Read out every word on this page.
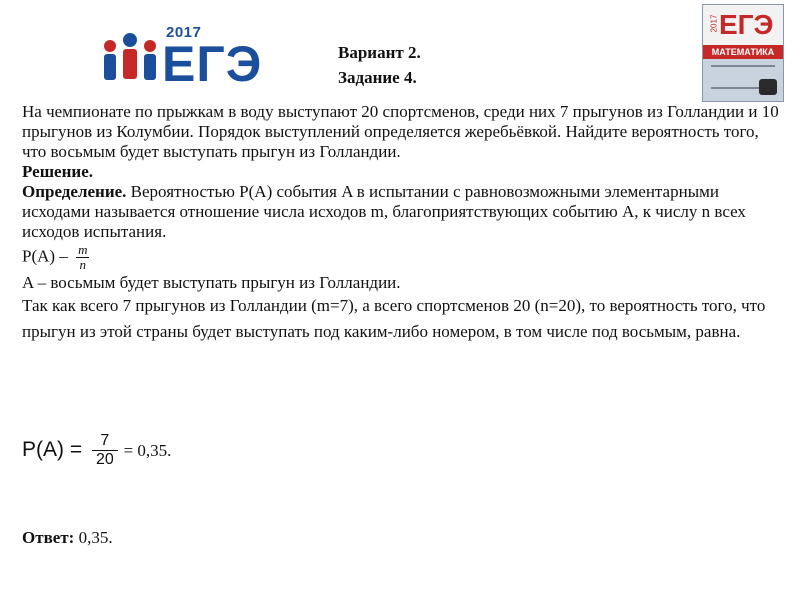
2017
ЕГЭ	Вариант 2.
Задание 4.
2017 ЕГЭ
МАТЕМАТИКА

На чемпионате по прыжкам в воду выступают 20 спортсменов, среди них 7 прыгунов из Голландии и 10 прыгунов из Колумбии. Порядок выступлений определяется жеребьёвкой. Найдите вероятность того, что восьмым будет выступать прыгун из Голландии.

Решение.

Определение. Вероятностью P(A) события A в испытании с равновозможными элементарными исходами называется отношение числа исходов m, благоприятствующих событию A, к числу n всех исходов испытания.

$P(A) - \frac{m}{n}$

A – восьмым будет выступать прыгун из Голландии.

Так как всего 7 прыгунов из Голландии (m=7), а всего спортсменов 20 (n=20), то вероятность того, что прыгун из этой страны будет выступать под каким-либо номером, в том числе под восьмым, равна.

$P(A) = \frac{7}{20} = 0,35$.
Ответ: 0,35.
